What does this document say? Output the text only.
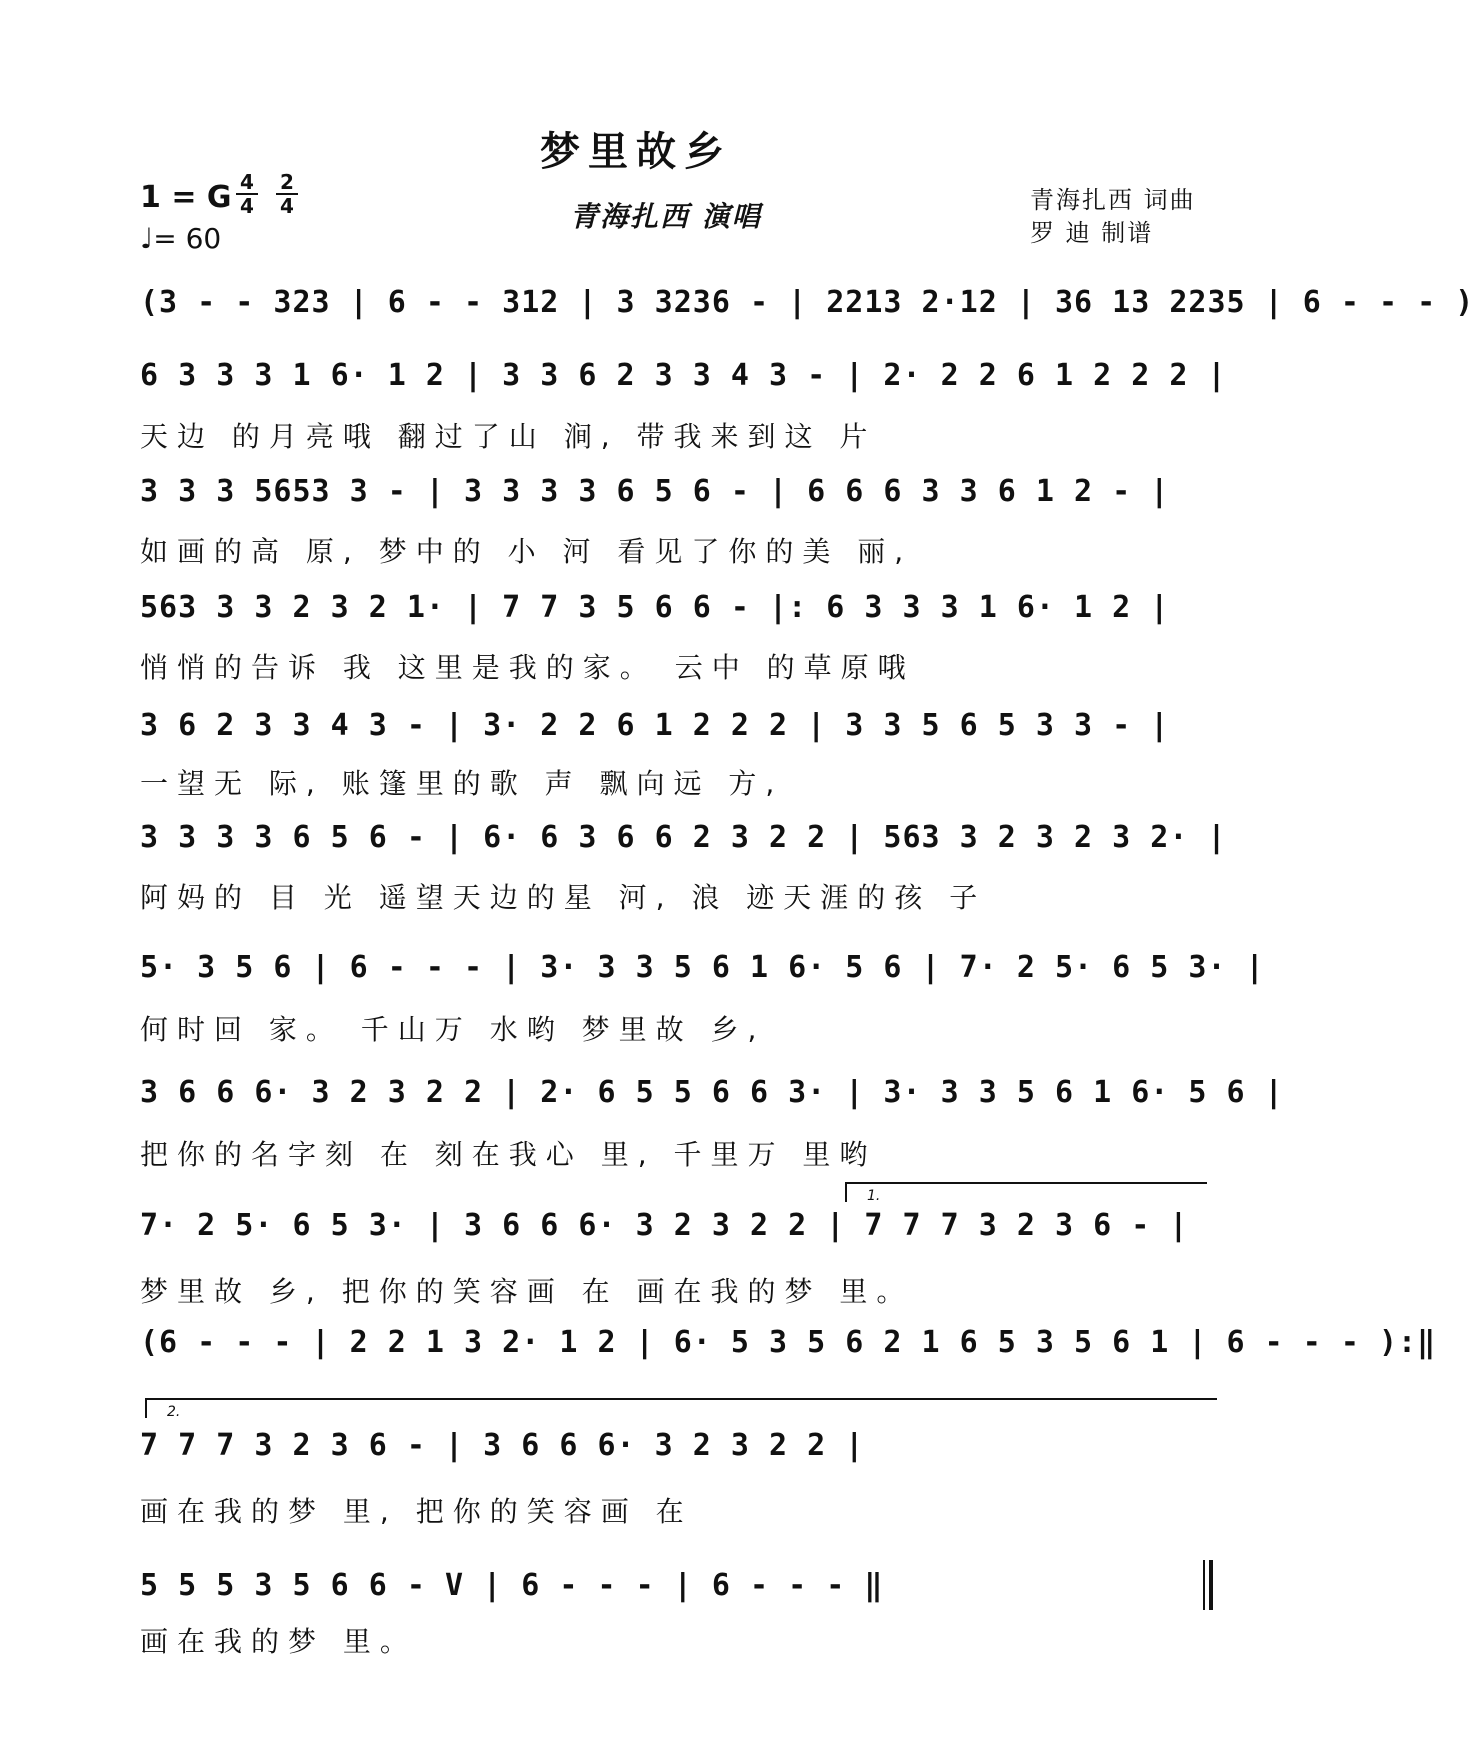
梦里故乡
1 = G 4
4
2
4
♩= 60
青海扎西 演唱	青海扎西 词曲
罗 迪 制谱
(3 - - 323 | 6 - - 312 | 3 3236 - | 2213 2·12 | 36 13 2235 | 6 - - - )
6 3 3 3 1 6· 1 2 | 3 3 6 2 3 3 4 3 - | 2· 2 2 6 1 2 2 2 |
天边 的月亮哦 翻过了山 涧, 带我来到这 片
3 3 3 5653 3 - | 3 3 3 3 6 5 6 - | 6 6 6 3 3 6 1 2 - |
如画的高 原, 梦中的 小 河 看见了你的美 丽,
563 3 3 2 3 2 1· | 7 7 3 5 6 6 - |: 6 3 3 3 1 6· 1 2 |
悄悄的告诉 我 这里是我的家。 云中 的草原哦
3 6 2 3 3 4 3 - | 3· 2 2 6 1 2 2 2 | 3 3 5 6 5 3 3 - |
一望无 际, 账篷里的歌 声 飘向远 方,
3 3 3 3 6 5 6 - | 6· 6 3 6 6 2 3 2 2 | 563 3 2 3 2 3 2· |
阿妈的 目 光 遥望天边的星 河, 浪 迹天涯的孩 子
5· 3 5 6 | 6 - - - | 3· 3 3 5 6 1 6· 5 6 | 7· 2 5· 6 5 3· |
何时回 家。 千山万 水哟 梦里故 乡,
3 6 6 6· 3 2 3 2 2 | 2· 6 5 5 6 6 3· | 3· 3 3 5 6 1 6· 5 6 |
把你的名字刻 在 刻在我心 里, 千里万 里哟
1.
7· 2 5· 6 5 3· | 3 6 6 6· 3 2 3 2 2 | 7 7 7 3 2 3 6 - |
梦里故 乡, 把你的笑容画 在 画在我的梦 里。
(6 - - - | 2 2 1 3 2· 1 2 | 6· 5 3 5 6 2 1 6 5 3 5 6 1 | 6 - - - ):‖
2.
7 7 7 3 2 3 6 - | 3 6 6 6· 3 2 3 2 2 |
画在我的梦 里, 把你的笑容画 在
5 5 5 3 5 6 6 - V | 6 - - - | 6 - - - ‖
画在我的梦 里。
